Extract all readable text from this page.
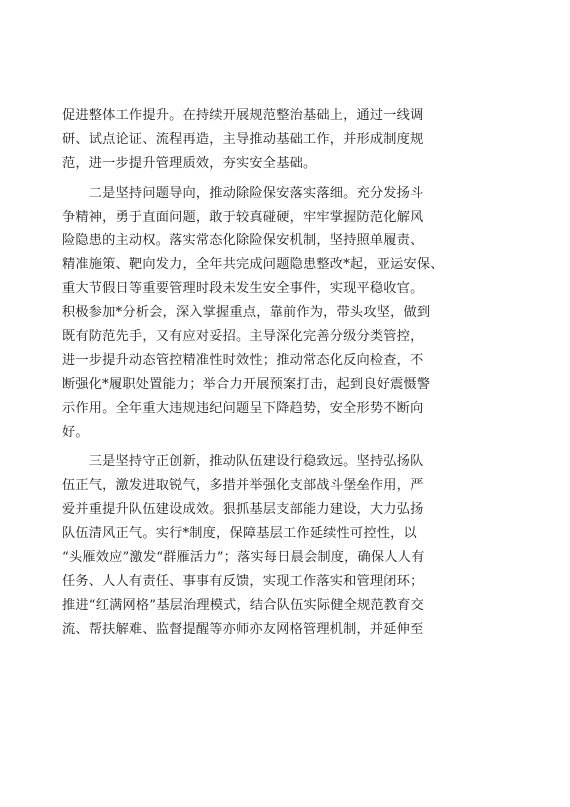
促进整体工作提升。在持续开展规范整治基础上，通过一线调
研、试点论证、流程再造，主导推动基础工作，并形成制度规
范，进一步提升管理质效，夯实安全基础。
　　二是坚持问题导向，推动除险保安落实落细。充分发扬斗
争精神，勇于直面问题，敢于较真碰硬，牢牢掌握防范化解风
险隐患的主动权。落实常态化除险保安机制，坚持照单履责、
精准施策、靶向发力，全年共完成问题隐患整改*起，亚运安保、
重大节假日等重要管理时段未发生安全事件，实现平稳收官。
积极参加*分析会，深入掌握重点，靠前作为，带头攻坚，做到
既有防范先手，又有应对妥招。主导深化完善分级分类管控，
进一步提升动态管控精准性时效性；推动常态化反向检查，不
断强化*履职处置能力；举合力开展预案打击，起到良好震慑警
示作用。全年重大违规违纪问题呈下降趋势，安全形势不断向
好。
　　三是坚持守正创新，推动队伍建设行稳致远。坚持弘扬队
伍正气，激发进取锐气，多措并举强化支部战斗堡垒作用，严
爱并重提升队伍建设成效。狠抓基层支部能力建设，大力弘扬
队伍清风正气。实行*制度，保障基层工作延续性可控性，以
“头雁效应”激发“群雁活力”；落实每日晨会制度，确保人人有
任务、人人有责任、事事有反馈，实现工作落实和管理闭环；
推进“红满网格”基层治理模式，结合队伍实际健全规范教育交
流、帮扶解难、监督提醒等亦师亦友网格管理机制，并延伸至
